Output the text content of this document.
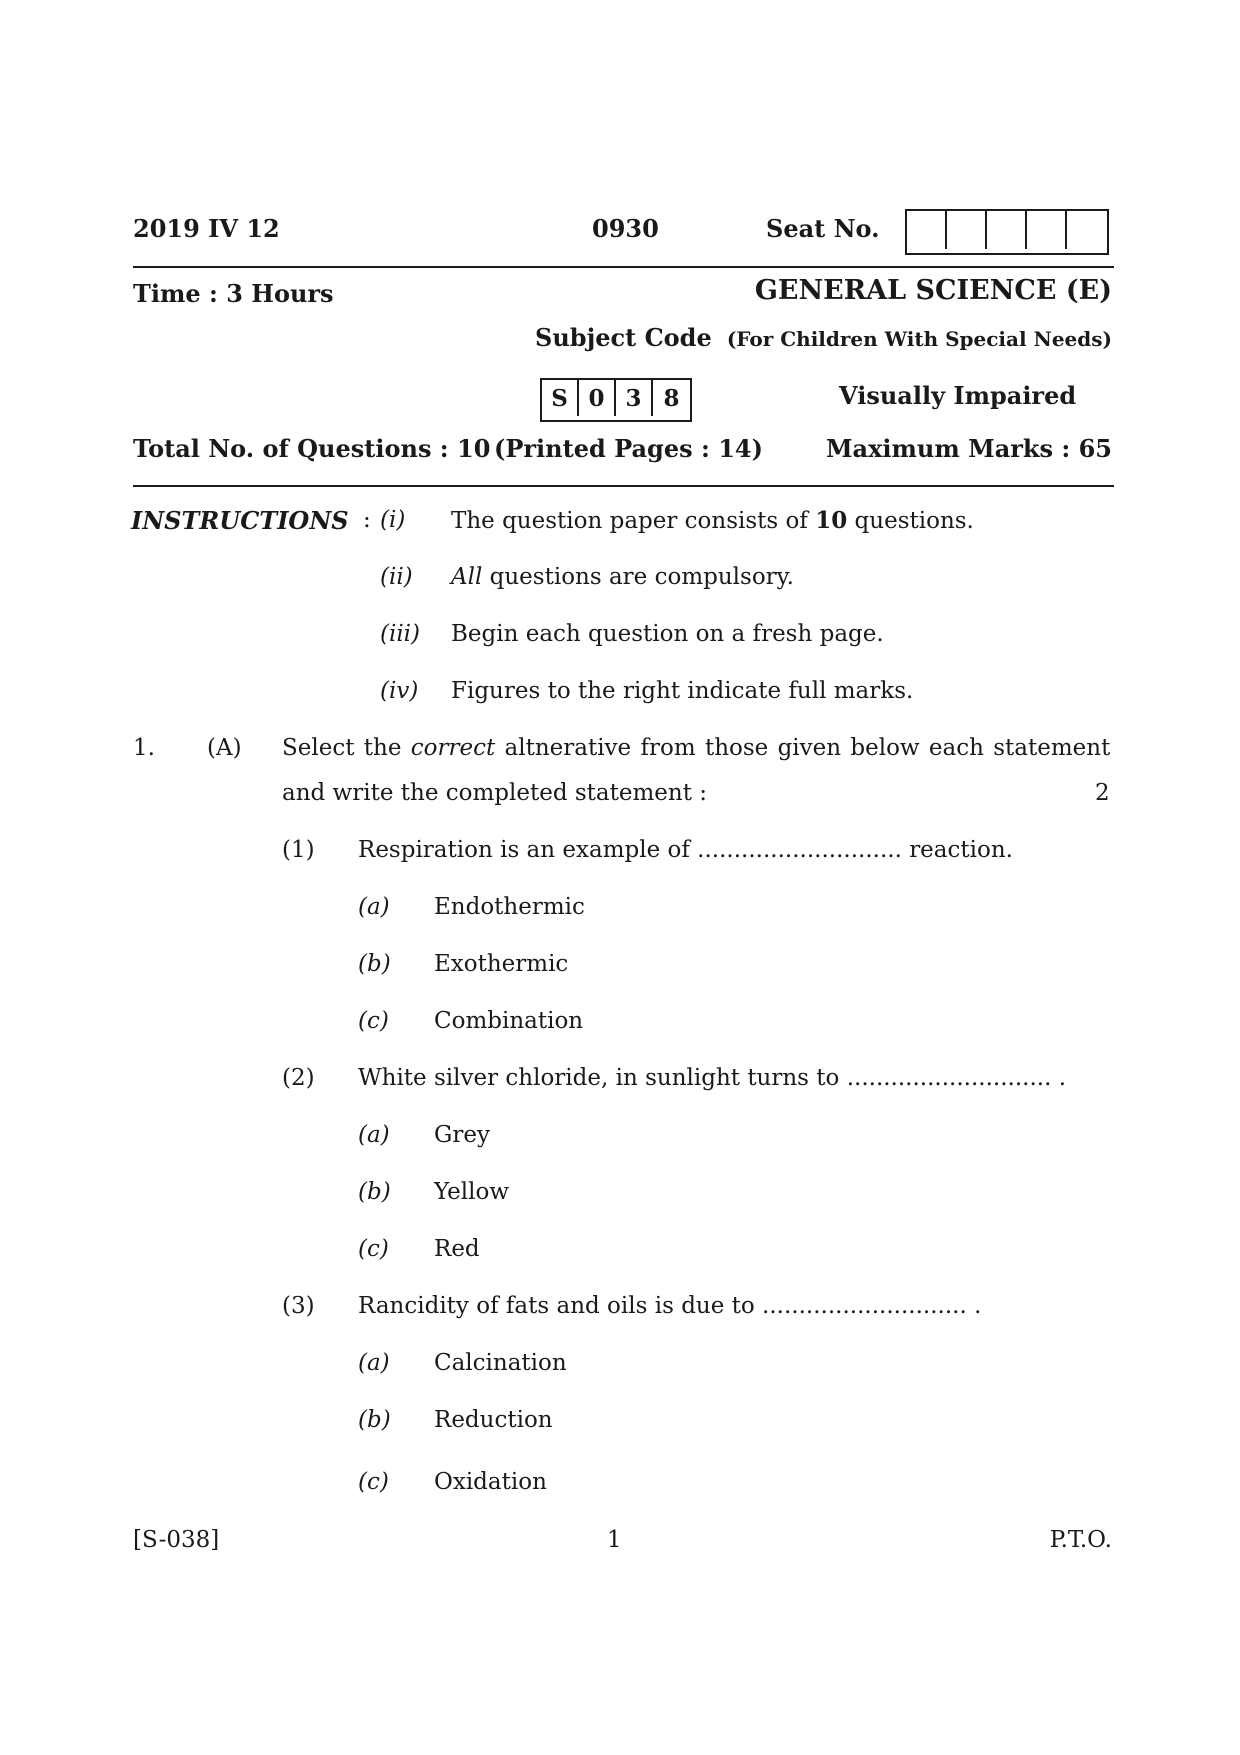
2019 IV 12	0930	Seat No.
Time : 3 Hours	GENERAL SCIENCE (E)
Subject Code (For Children With Special Needs)
S 0 3 8	Visually Impaired
Total No. of Questions : 10 (Printed Pages : 14)	Maximum Marks : 65
INSTRUCTIONS : (i) The question paper consists of 10 questions.
(ii) All questions are compulsory.
(iii) Begin each question on a fresh page.
(iv) Figures to the right indicate full marks.
1. (A) Select the correct altnerative from those given below each statement
and write the completed statement :	2
(1) Respiration is an example of ............................ reaction.
(a) Endothermic
(b) Exothermic
(c) Combination
(2) White silver chloride, in sunlight turns to ............................ .
(a) Grey
(b) Yellow
(c) Red
(3) Rancidity of fats and oils is due to ............................ .
(a) Calcination
(b) Reduction
(c) Oxidation
[S-038]	1	P.T.O.
